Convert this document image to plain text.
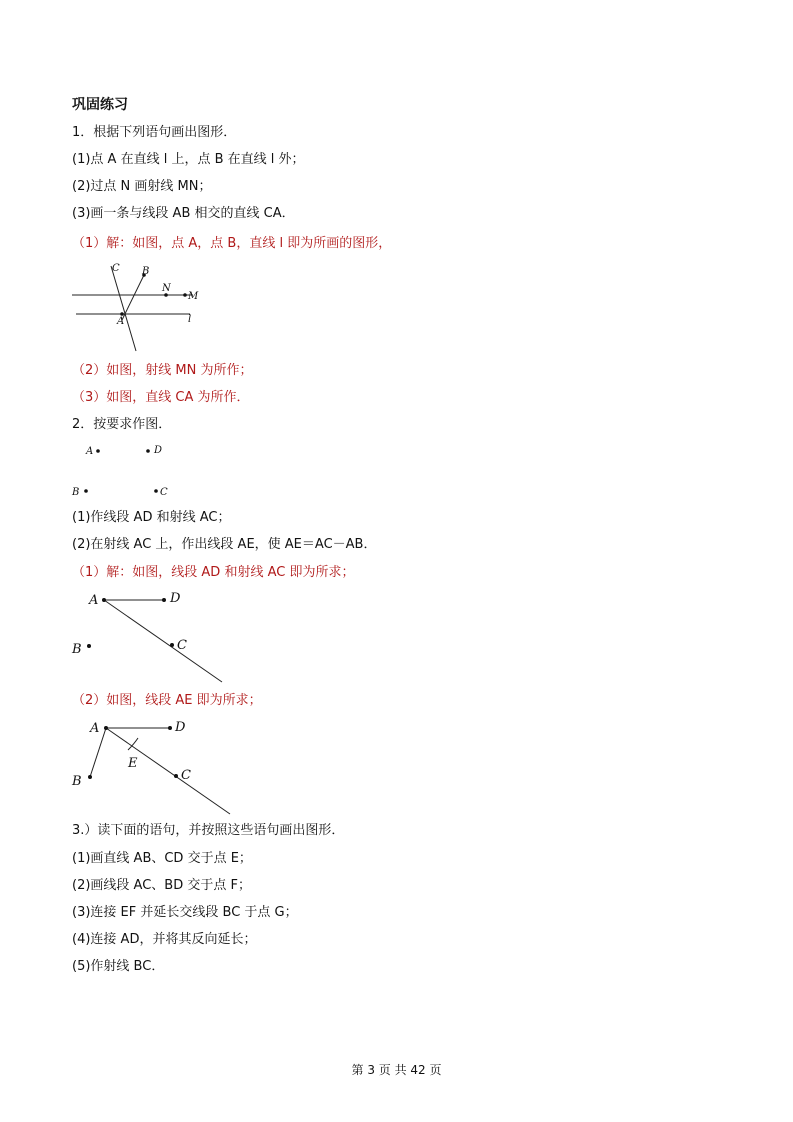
巩固练习
1．根据下列语句画出图形．
(1)点 A 在直线 l 上，点 B 在直线 l 外；
(2)过点 N 画射线 MN；
(3)画一条与线段 AB 相交的直线 CA．
（1）解：如图，点 A，点 B，直线 l 即为所画的图形，
C B
N
M
A	l
（2）如图，射线 MN 为所作；
（3）如图，直线 CA 为所作．
2．按要求作图．
A	D
B	C
(1)作线段 AD 和射线 AC；
(2)在射线 AC 上，作出线段 AE，使 AE＝AC－AB．
（1）解：如图，线段 AD 和射线 AC 即为所求；
A	D
B	C
（2）如图，线段 AE 即为所求；
A	D
E
B	C
3.）读下面的语句，并按照这些语句画出图形．
(1)画直线 AB、CD 交于点 E；
(2)画线段 AC、BD 交于点 F；
(3)连接 EF 并延长交线段 BC 于点 G；
(4)连接 AD，并将其反向延长；
(5)作射线 BC．
第 3 页 共 42 页
